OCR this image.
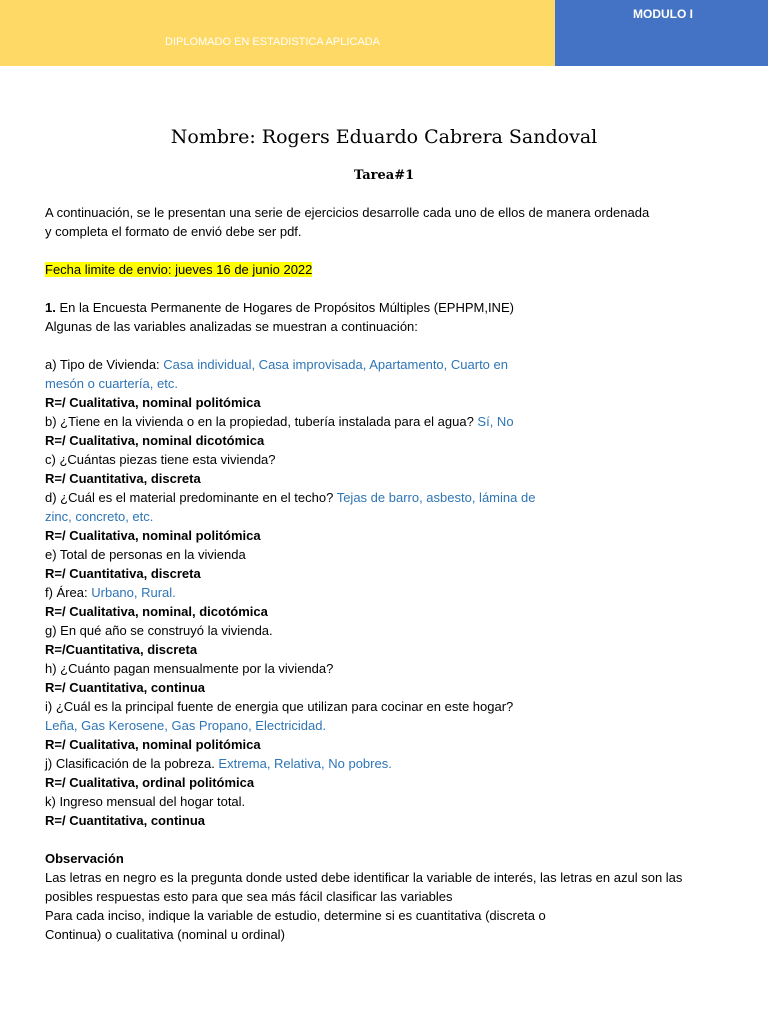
DIPLOMADO EN ESTADISTICA APLICADA
MODULO I
Nombre: Rogers Eduardo Cabrera Sandoval
Tarea#1
A continuación, se le presentan una serie de ejercicios desarrolle cada uno de ellos de manera ordenada
y completa el formato de envió debe ser pdf.
Fecha limite de envio: jueves 16 de junio 2022
1. En la Encuesta Permanente de Hogares de Propósitos Múltiples (EPHPM,INE)
Algunas de las variables analizadas se muestran a continuación:
a) Tipo de Vivienda: Casa individual, Casa improvisada, Apartamento, Cuarto en
mesón o cuartería, etc.
R=/ Cualitativa, nominal politómica
b) ¿Tiene en la vivienda o en la propiedad, tubería instalada para el agua? Sí, No
R=/ Cualitativa, nominal dicotómica
c) ¿Cuántas piezas tiene esta vivienda?
R=/ Cuantitativa, discreta
d) ¿Cuál es el material predominante en el techo? Tejas de barro, asbesto, lámina de
zinc, concreto, etc.
R=/ Cualitativa, nominal politómica
e) Total de personas en la vivienda
R=/ Cuantitativa, discreta
f) Área: Urbano, Rural.
R=/ Cualitativa, nominal, dicotómica
g) En qué año se construyó la vivienda.
R=/Cuantitativa, discreta
h) ¿Cuánto pagan mensualmente por la vivienda?
R=/ Cuantitativa, continua
i) ¿Cuál es la principal fuente de energia que utilizan para cocinar en este hogar?
Leña, Gas Kerosene, Gas Propano, Electricidad.
R=/ Cualitativa, nominal politómica
j) Clasificación de la pobreza. Extrema, Relativa, No pobres.
R=/ Cualitativa, ordinal politómica
k) Ingreso mensual del hogar total.
R=/ Cuantitativa, continua
Observación
Las letras en negro es la pregunta donde usted debe identificar la variable de interés, las letras en azul son las
posibles respuestas esto para que sea más fácil clasificar las variables
Para cada inciso, indique la variable de estudio, determine si es cuantitativa (discreta o
Continua) o cualitativa (nominal u ordinal)
